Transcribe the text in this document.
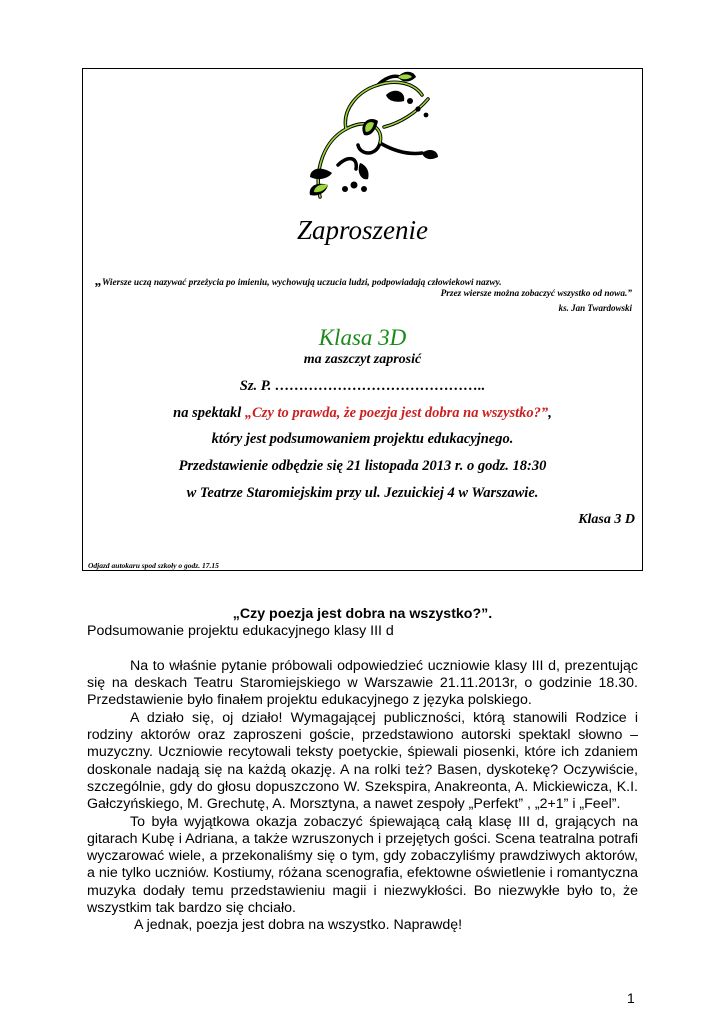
Zaproszenie
„Wiersze uczą nazywać przeżycia po imieniu, wychowują uczucia ludzi, podpowiadają człowiekowi nazwy.
Przez wiersze można zobaczyć wszystko od nowa.”
ks. Jan Twardowski
Klasa 3D
ma zaszczyt zaprosić
Sz. P. ……………………………………..
na spektakl „Czy to prawda, że poezja jest dobra na wszystko?”,
który jest podsumowaniem projektu edukacyjnego.
Przedstawienie odbędzie się 21 listopada 2013 r. o godz. 18:30
w Teatrze Staromiejskim przy ul. Jezuickiej 4 w Warszawie.
Klasa 3 D
Odjazd autokaru spod szkoły o godz. 17.15
„Czy poezja jest dobra na wszystko?”.
Podsumowanie projektu edukacyjnego klasy III d

Na to właśnie pytanie próbowali odpowiedzieć uczniowie klasy III d, prezentując się na deskach Teatru Staromiejskiego w Warszawie 21.11.2013r, o godzinie 18.30. Przedstawienie było finałem projektu edukacyjnego z języka polskiego.

A działo się, oj działo! Wymagającej publiczności, którą stanowili Rodzice i rodziny aktorów oraz zaproszeni goście, przedstawiono autorski spektakl słowno – muzyczny. Uczniowie recytowali teksty poetyckie, śpiewali piosenki, które ich zdaniem doskonale nadają się na każdą okazję. A na rolki też? Basen, dyskotekę? Oczywiście, szczególnie, gdy do głosu dopuszczono W. Szekspira, Anakreonta, A. Mickiewicza, K.I. Gałczyńskiego, M. Grechutę, A. Morsztyna, a nawet zespoły „Perfekt” , „2+1” i „Feel”.

To była wyjątkowa okazja zobaczyć śpiewającą całą klasę III d, grających na gitarach Kubę i Adriana, a także wzruszonych i przejętych gości. Scena teatralna potrafi wyczarować wiele, a przekonaliśmy się o tym, gdy zobaczyliśmy prawdziwych aktorów, a nie tylko uczniów. Kostiumy, różana scenografia, efektowne oświetlenie i romantyczna muzyka dodały temu przedstawieniu magii i niezwykłości. Bo niezwykłe było to, że wszystkim tak bardzo się chciało.

A jednak, poezja jest dobra na wszystko. Naprawdę!

1
